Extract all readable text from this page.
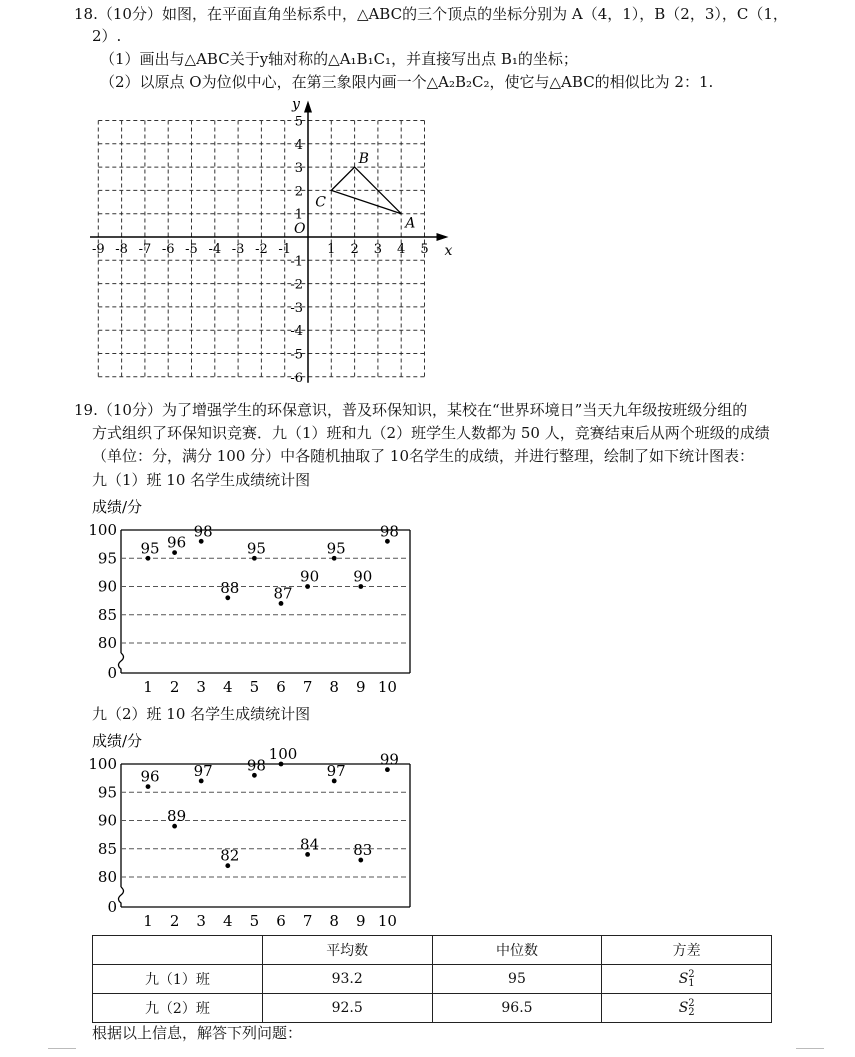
18.（10分）如图，在平面直角坐标系中，△ABC的三个顶点的坐标分别为 A（4，1），B（2，3），C（1，
2）.
（1）画出与△ABC关于y轴对称的△A₁B₁C₁，并直接写出点 B₁的坐标；
（2）以原点 O为位似中心，在第三象限内画一个△A₂B₂C₂，使它与△ABC的相似比为 2：1.
x
y
O
-9 -8 -7 -6 -5 -4 -3 -2 -1	1 2 3 4 5
5
4
3
2
1
-1
-2
-3
-4
-5
-6
A
B
C
19.（10分）为了增强学生的环保意识，普及环保知识，某校在“世界环境日”当天九年级按班级分组的
方式组织了环保知识竞赛．九（1）班和九（2）班学生人数都为 50 人，竞赛结束后从两个班级的成绩
（单位：分，满分 100 分）中各随机抽取了 10名学生的成绩，并进行整理，绘制了如下统计图表：
九（1）班 10 名学生成绩统计图
成绩/分
0
80
85
90
95
100
1 2 3 4 5 6 7 8 9 10
95 96
98
88
95
87
90
95
90
98
九（2）班 10 名学生成绩统计图
成绩/分
0
80
85
90
95
100
1 2 3 4 5 6 7 8 9 10
96
89
97
82
98
100
84
97
83
99
	平均数	中位数	方差
九（1）班	93.2	95	S2
1
九（2）班	92.5	96.5	S2
2
根据以上信息，解答下列问题：
